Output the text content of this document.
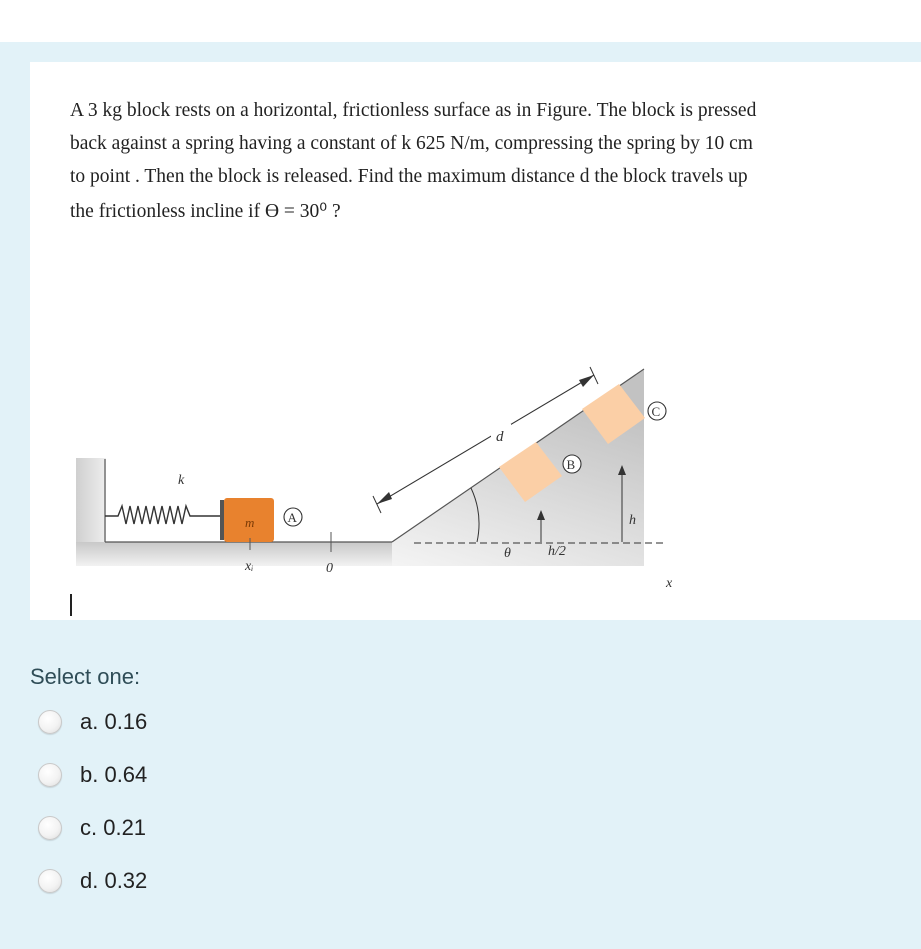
A 3 kg block rests on a horizontal, frictionless surface as in Figure. The block is pressed
back against a spring having a constant of k 625 N/m, compressing the spring by 10 cm
to point . Then the block is released. Find the maximum distance d the block travels up
the frictionless incline if ϴ = 30⁰ ?
k
m
xᵢ
A
0
d
B
C
h/2
h
θ
x
Select one:
a. 0.16
b. 0.64
c. 0.21
d. 0.32
